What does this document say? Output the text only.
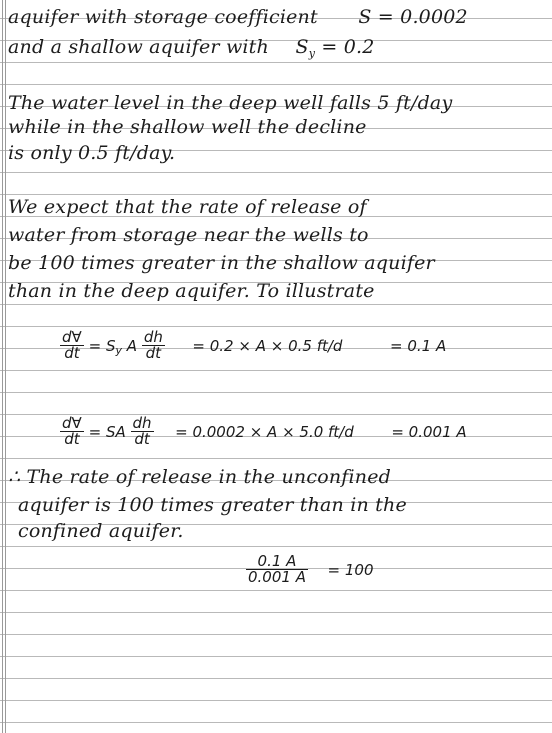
aquifer with storage coefficient S = 0.0002
and a shallow aquifer with $S_y = 0.2$
The water level in the deep well falls 5 ft/day
while in the shallow well the decline
is only 0.5 ft/day.
We expect that the rate of release of
water from storage near the wells to
be 100 times greater in the shallow aquifer
than in the deep aquifer. To illustrate
$\frac{d\forall}{dt} = Sy$ A $\frac{dh}{dt} = 0.2 \times A \times 0.5$ ft/d	= 0.1 A
$\frac{d\forall}{dt}$ = SA $\frac{dh}{dt} = 0.0002 \times A \times 5.0$ ft/d	= 0.001 A
∴ The rate of release in the unconfined
aquifer is 100 times greater than in the
confined aquifer.
$\frac{0.1 A}{0.001 A} = 100$
